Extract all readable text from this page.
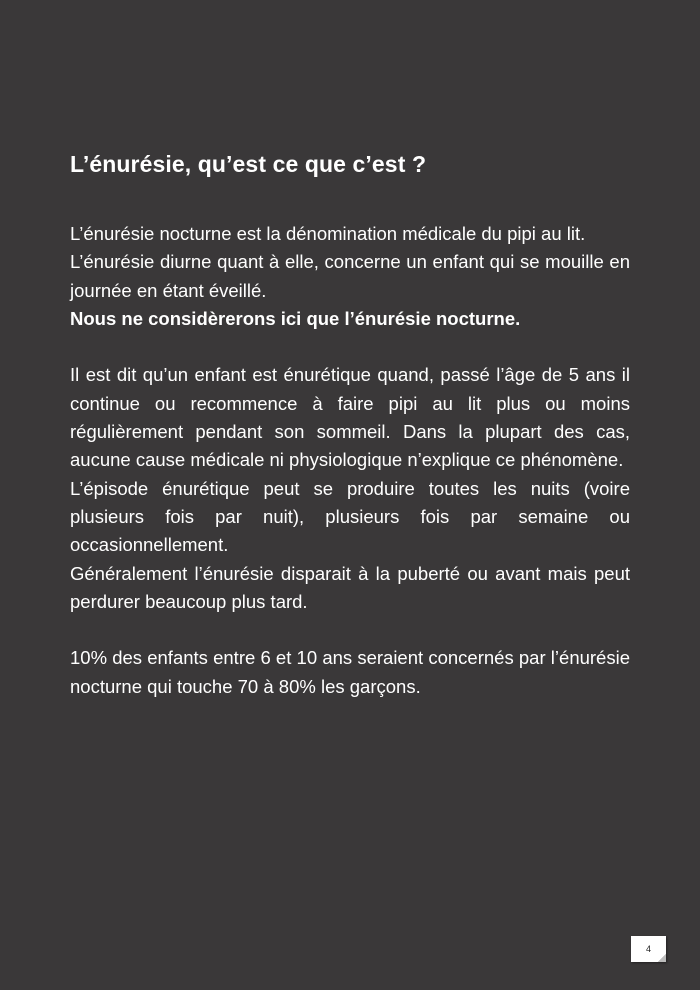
L’énurésie, qu’est ce que c’est ?

L’énurésie nocturne est la dénomination médicale du pipi au lit.

L’énurésie diurne quant à elle, concerne un enfant qui se mouille en journée en étant éveillé.

Nous ne considèrerons ici que l’énurésie nocturne.

Il est dit qu’un enfant est énurétique quand, passé l’âge de 5 ans il continue ou recommence à faire pipi au lit plus ou moins régulièrement pendant son sommeil. Dans la plupart des cas, aucune cause médicale ni physiologique n’explique ce phénomène.

L’épisode énurétique peut se produire toutes les nuits (voire plusieurs fois par nuit), plusieurs fois par semaine ou occasionnellement.

Généralement l’énurésie disparait à la puberté ou avant mais peut perdurer beaucoup plus tard.

10% des enfants entre 6 et 10 ans seraient concernés par l’énurésie nocturne qui touche 70 à 80% les garçons.

4
